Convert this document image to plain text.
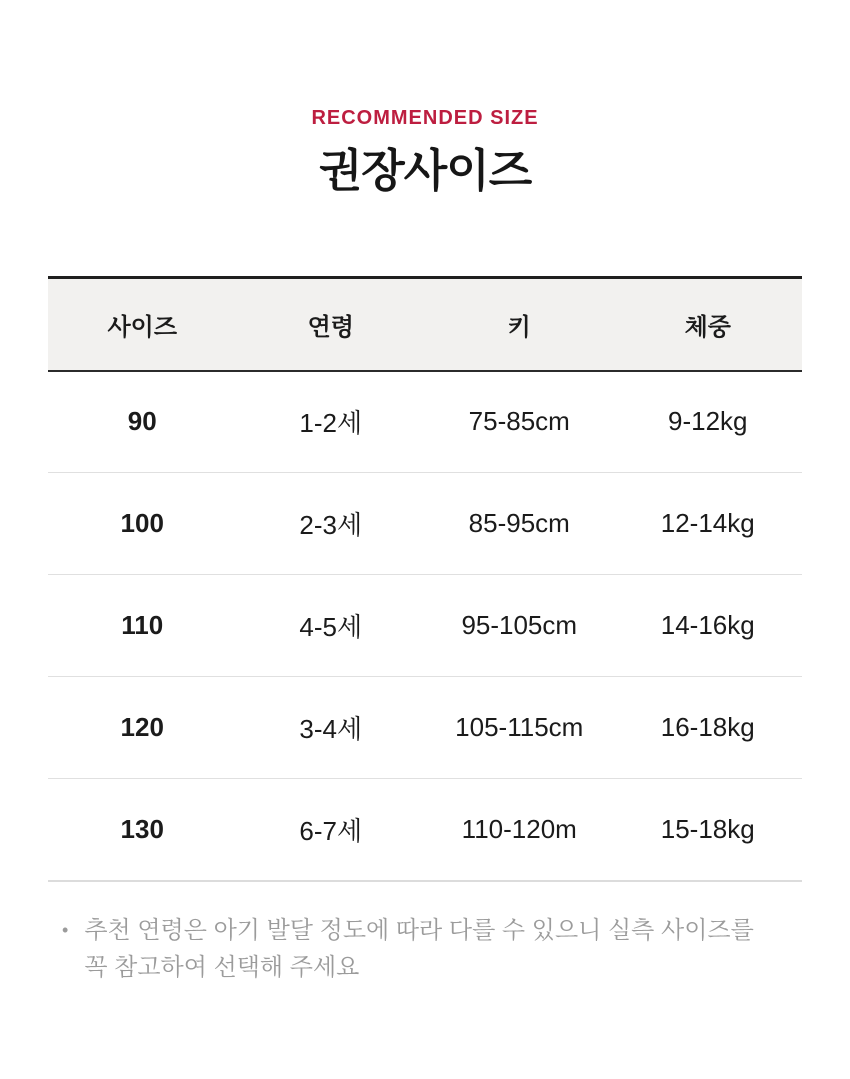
RECOMMENDED SIZE
권장사이즈
사이즈	연령	키	체중
90	1-2세	75-85cm	9-12kg
100	2-3세	85-95cm	12-14kg
110	4-5세	95-105cm	14-16kg
120	3-4세	105-115cm	16-18kg
130	6-7세	110-120m	15-18kg
• 추천 연령은 아기 발달 정도에 따라 다를 수 있으니 실측 사이즈를 꼭 참고하여 선택해 주세요
